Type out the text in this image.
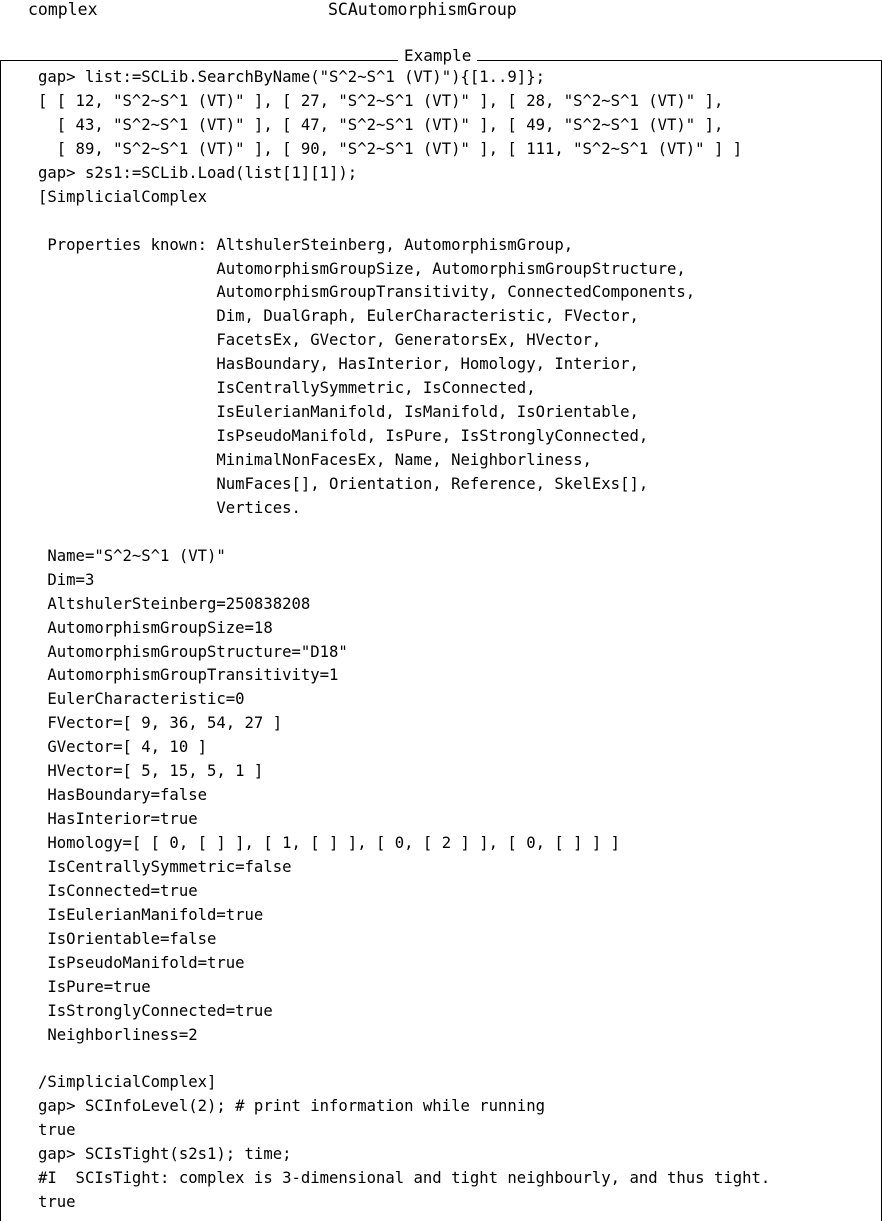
complex	SCAutomorphismGroup
Example
gap> list:=SCLib.SearchByName("S^2~S^1 (VT)"){[1..9]};
[ [ 12, "S^2~S^1 (VT)" ], [ 27, "S^2~S^1 (VT)" ], [ 28, "S^2~S^1 (VT)" ],
[ 43, "S^2~S^1 (VT)" ], [ 47, "S^2~S^1 (VT)" ], [ 49, "S^2~S^1 (VT)" ],
[ 89, "S^2~S^1 (VT)" ], [ 90, "S^2~S^1 (VT)" ], [ 111, "S^2~S^1 (VT)" ] ]
gap> s2s1:=SCLib.Load(list[1][1]);
[SimplicialComplex
Properties known: AltshulerSteinberg, AutomorphismGroup,
AutomorphismGroupSize, AutomorphismGroupStructure,
AutomorphismGroupTransitivity, ConnectedComponents,
Dim, DualGraph, EulerCharacteristic, FVector,
FacetsEx, GVector, GeneratorsEx, HVector,
HasBoundary, HasInterior, Homology, Interior,
IsCentrallySymmetric, IsConnected,
IsEulerianManifold, IsManifold, IsOrientable,
IsPseudoManifold, IsPure, IsStronglyConnected,
MinimalNonFacesEx, Name, Neighborliness,
NumFaces[], Orientation, Reference, SkelExs[],
Vertices.
Name="S^2~S^1 (VT)"
Dim=3
AltshulerSteinberg=250838208
AutomorphismGroupSize=18
AutomorphismGroupStructure="D18"
AutomorphismGroupTransitivity=1
EulerCharacteristic=0
FVector=[ 9, 36, 54, 27 ]
GVector=[ 4, 10 ]
HVector=[ 5, 15, 5, 1 ]
HasBoundary=false
HasInterior=true
Homology=[ [ 0, [ ] ], [ 1, [ ] ], [ 0, [ 2 ] ], [ 0, [ ] ] ]
IsCentrallySymmetric=false
IsConnected=true
IsEulerianManifold=true
IsOrientable=false
IsPseudoManifold=true
IsPure=true
IsStronglyConnected=true
Neighborliness=2
/SimplicialComplex]
gap> SCInfoLevel(2); # print information while running
true
gap> SCIsTight(s2s1); time;
#I  SCIsTight: complex is 3-dimensional and tight neighbourly, and thus tight.
true
